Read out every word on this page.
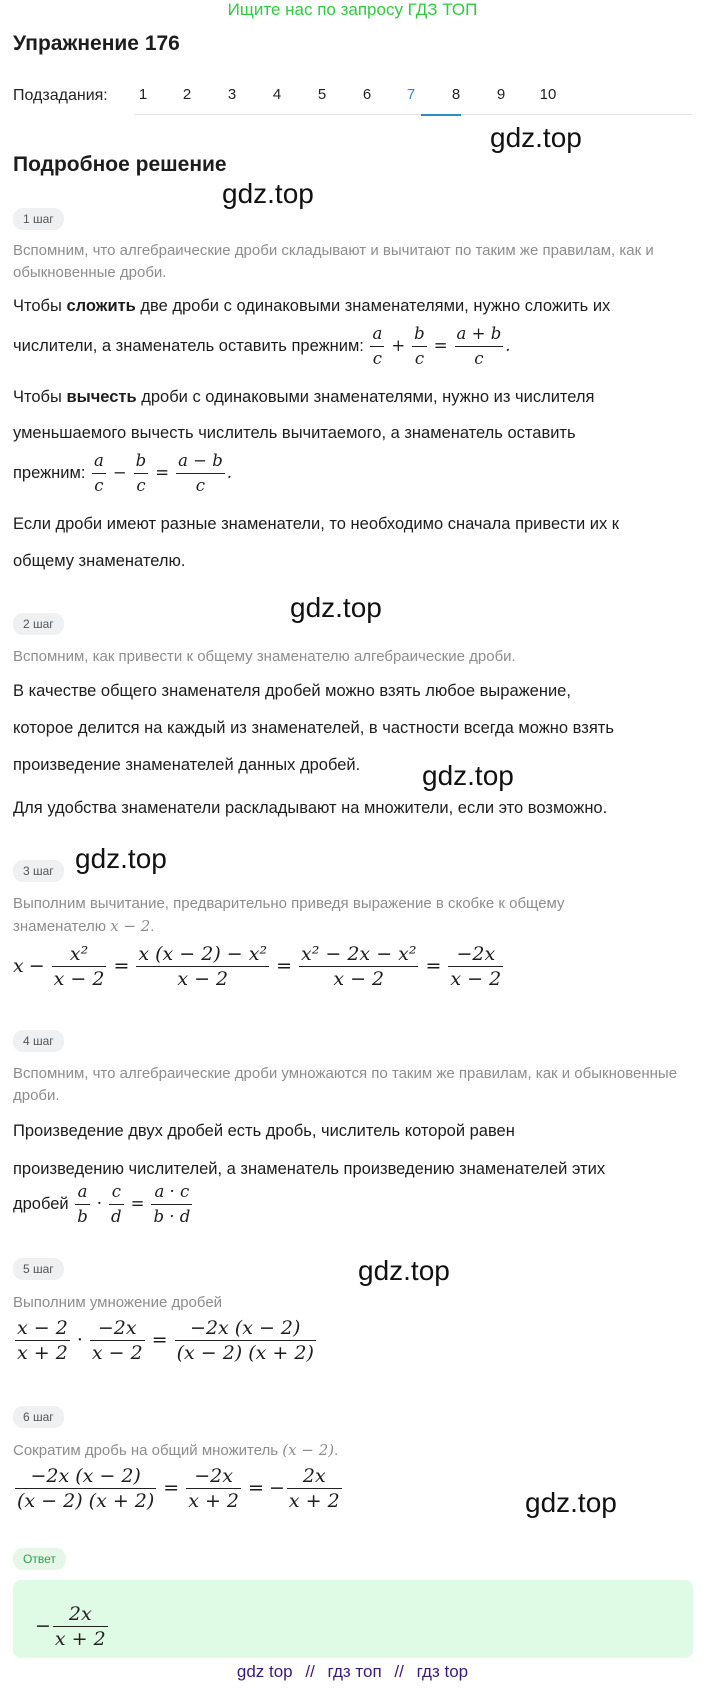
Ищите нас по запросу ГДЗ ТОП
Упражнение 176
Подзадания:	1	2	3	4	5	6	7	8	9	10
gdz.top
gdz.top
gdz.top
gdz.top
gdz.top
gdz.top
gdz.top
Подробное решение
1 шаг
Вспомним, что алгебраические дроби складывают и вычитают по таким же правилам, как и обыкновенные дроби.
Чтобы сложить две дроби с одинаковыми знаменателями, нужно сложить их
числители, а знаменатель оставить прежним: $\frac{a}{c} + \frac{b}{c} = \frac{a + b}{c}$ .
Чтобы вычесть дроби с одинаковыми знаменателями, нужно из числителя
уменьшаемого вычесть числитель вычитаемого, а знаменатель оставить
прежним: $\frac{a}{c} - \frac{b}{c} = \frac{a - b}{c}$ .
Если дроби имеют разные знаменатели, то необходимо сначала привести их к
общему знаменателю.
2 шаг
Вспомним, как привести к общему знаменателю алгебраические дроби.
В качестве общего знаменателя дробей можно взять любое выражение,
которое делится на каждый из знаменателей, в частности всегда можно взять
произведение знаменателей данных дробей.
Для удобства знаменатели раскладывают на множители, если это возможно.
3 шаг
Выполним вычитание, предварительно приведя выражение в скобке к общему
знаменателю x − 2.
$x - \frac{\text{x²}}{x - 2} = \frac{\text{x (x − 2) − x²}}{x - 2} = \frac{\text{x² − 2x − x²}}{x - 2} = \frac{-2x}{x - 2}$
4 шаг
Вспомним, что алгебраические дроби умножаются по таким же правилам, как и обыкновенные дроби.
Произведение двух дробей есть дробь, числитель которой равен
произведению числителей, а знаменатель произведению знаменателей этих
дробей $\frac{a}{b} \cdot \frac{c}{d} = \frac{a \cdot c}{b \cdot d}$
5 шаг
Выполним умножение дробей
$\frac{x - 2}{x + 2} \cdot \frac{-2x}{x - 2} = \frac{-2x (x - 2)}{(x - 2) (x + 2)}$
6 шаг
Сократим дробь на общий множитель (x − 2).
$\frac{-2x (x - 2)}{(x - 2) (x + 2)} = \frac{-2x}{x + 2}$ = − $\frac{2x}{x + 2}$
Ответ
− $\frac{2x}{x + 2}$
gdz top // гдз топ // гдз top
